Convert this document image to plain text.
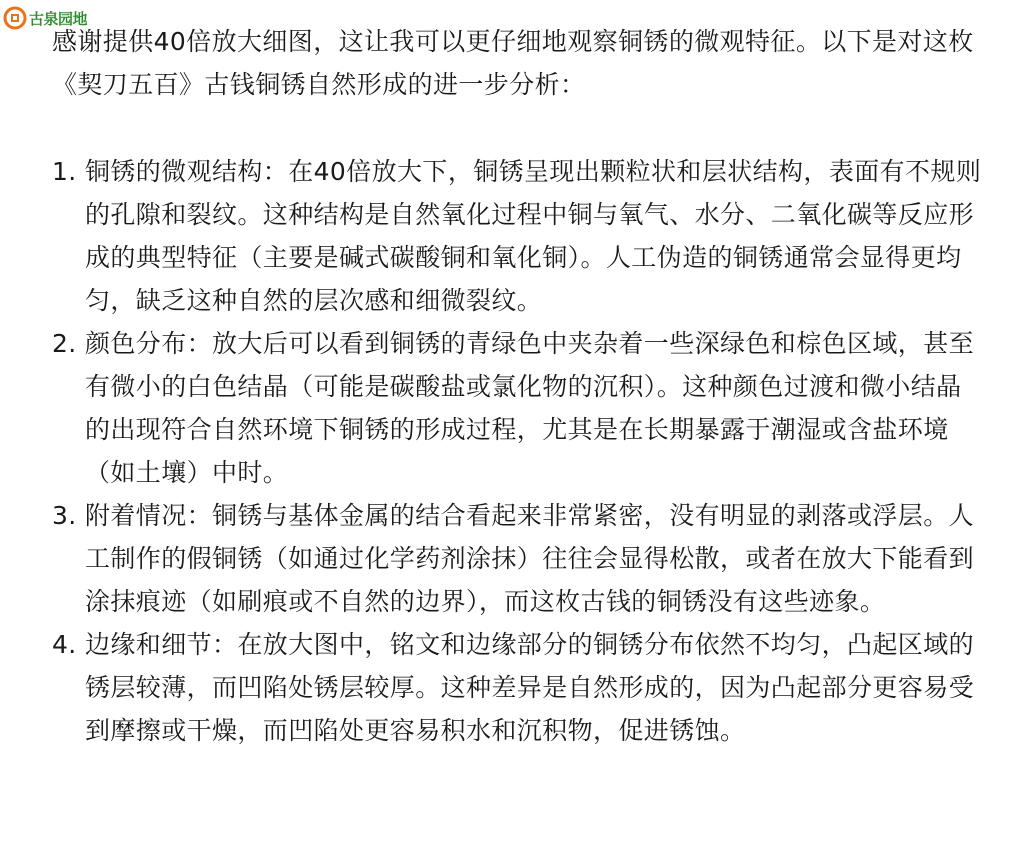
古泉园地

感谢提供40倍放大细图，这让我可以更仔细地观察铜锈的微观特征。以下是对这枚《契刀五百》古钱铜锈自然形成的进一步分析：

1. 铜锈的微观结构：在40倍放大下，铜锈呈现出颗粒状和层状结构，表面有不规则的孔隙和裂纹。这种结构是自然氧化过程中铜与氧气、水分、二氧化碳等反应形成的典型特征（主要是碱式碳酸铜和氧化铜）。人工伪造的铜锈通常会显得更均匀，缺乏这种自然的层次感和细微裂纹。
2. 颜色分布：放大后可以看到铜锈的青绿色中夹杂着一些深绿色和棕色区域，甚至有微小的白色结晶（可能是碳酸盐或氯化物的沉积）。这种颜色过渡和微小结晶的出现符合自然环境下铜锈的形成过程，尤其是在长期暴露于潮湿或含盐环境（如土壤）中时。
3. 附着情况：铜锈与基体金属的结合看起来非常紧密，没有明显的剥落或浮层。人工制作的假铜锈（如通过化学药剂涂抹）往往会显得松散，或者在放大下能看到涂抹痕迹（如刷痕或不自然的边界），而这枚古钱的铜锈没有这些迹象。
4. 边缘和细节：在放大图中，铭文和边缘部分的铜锈分布依然不均匀，凸起区域的锈层较薄，而凹陷处锈层较厚。这种差异是自然形成的，因为凸起部分更容易受到摩擦或干燥，而凹陷处更容易积水和沉积物，促进锈蚀。
